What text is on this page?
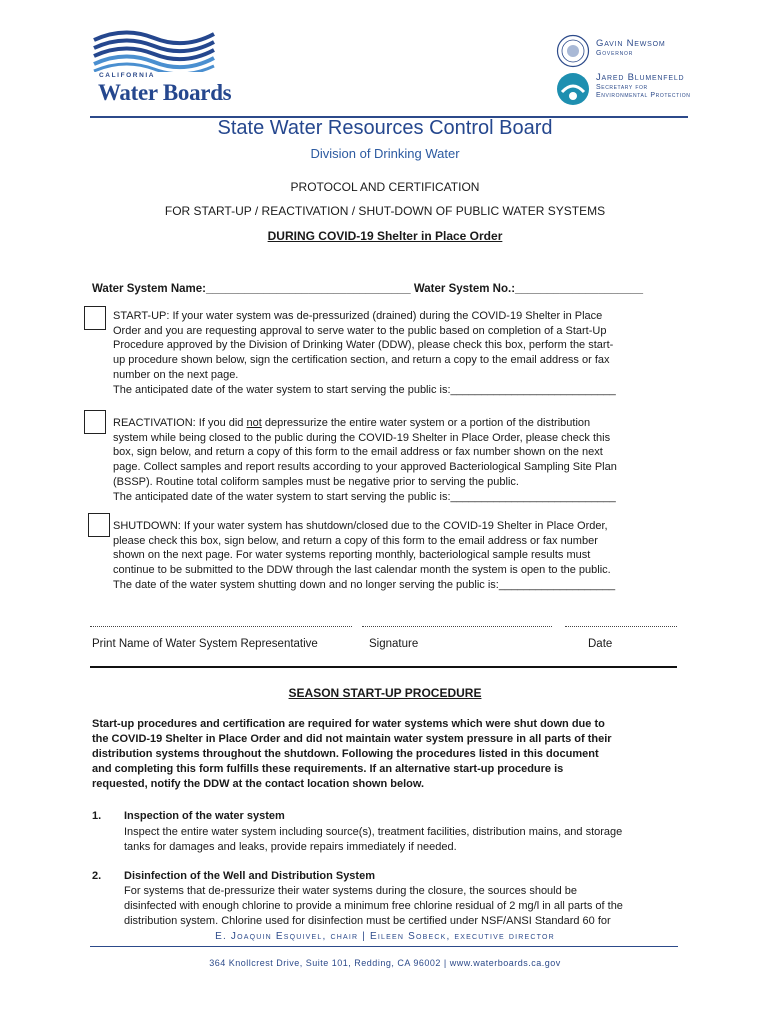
CALIFORNIA
Water Boards
Gavin Newsom
Governor
Jared Blumenfeld
Secretary for
Environmental Protection
State Water Resources Control Board
Division of Drinking Water
PROTOCOL AND CERTIFICATION
FOR START-UP / REACTIVATION / SHUT-DOWN OF PUBLIC WATER SYSTEMS
DURING COVID-19 Shelter in Place Order
Water System Name:________________________________ Water System No.:____________________
START-UP: If your water system was de-pressurized (drained) during the COVID-19 Shelter in Place
Order and you are requesting approval to serve water to the public based on completion of a Start-Up
Procedure approved by the Division of Drinking Water (DDW), please check this box, perform the start-
up procedure shown below, sign the certification section, and return a copy to the email address or fax
number on the next page.
The anticipated date of the water system to start serving the public is:___________________________
REACTIVATION: If you did not depressurize the entire water system or a portion of the distribution
system while being closed to the public during the COVID-19 Shelter in Place Order, please check this
box, sign below, and return a copy of this form to the email address or fax number shown on the next
page. Collect samples and report results according to your approved Bacteriological Sampling Site Plan
(BSSP). Routine total coliform samples must be negative prior to serving the public.
The anticipated date of the water system to start serving the public is:___________________________
SHUTDOWN: If your water system has shutdown/closed due to the COVID-19 Shelter in Place Order,
please check this box, sign below, and return a copy of this form to the email address or fax number
shown on the next page. For water systems reporting monthly, bacteriological sample results must
continue to be submitted to the DDW through the last calendar month the system is open to the public.
The date of the water system shutting down and no longer serving the public is:___________________
Print Name of Water System Representative	Signature	Date
SEASON START-UP PROCEDURE
Start-up procedures and certification are required for water systems which were shut down due to
the COVID-19 Shelter in Place Order and did not maintain water system pressure in all parts of their
distribution systems throughout the shutdown. Following the procedures listed in this document
and completing this form fulfills these requirements. If an alternative start-up procedure is
requested, notify the DDW at the contact location shown below.
1. Inspection of the water system
Inspect the entire water system including source(s), treatment facilities, distribution mains, and storage
tanks for damages and leaks, provide repairs immediately if needed.
2. Disinfection of the Well and Distribution System
For systems that de-pressurize their water systems during the closure, the sources should be
disinfected with enough chlorine to provide a minimum free chlorine residual of 2 mg/l in all parts of the
distribution system. Chlorine used for disinfection must be certified under NSF/ANSI Standard 60 for
E. Joaquin Esquivel, chair | Eileen Sobeck, executive director
364 Knollcrest Drive, Suite 101, Redding, CA 96002 | www.waterboards.ca.gov
